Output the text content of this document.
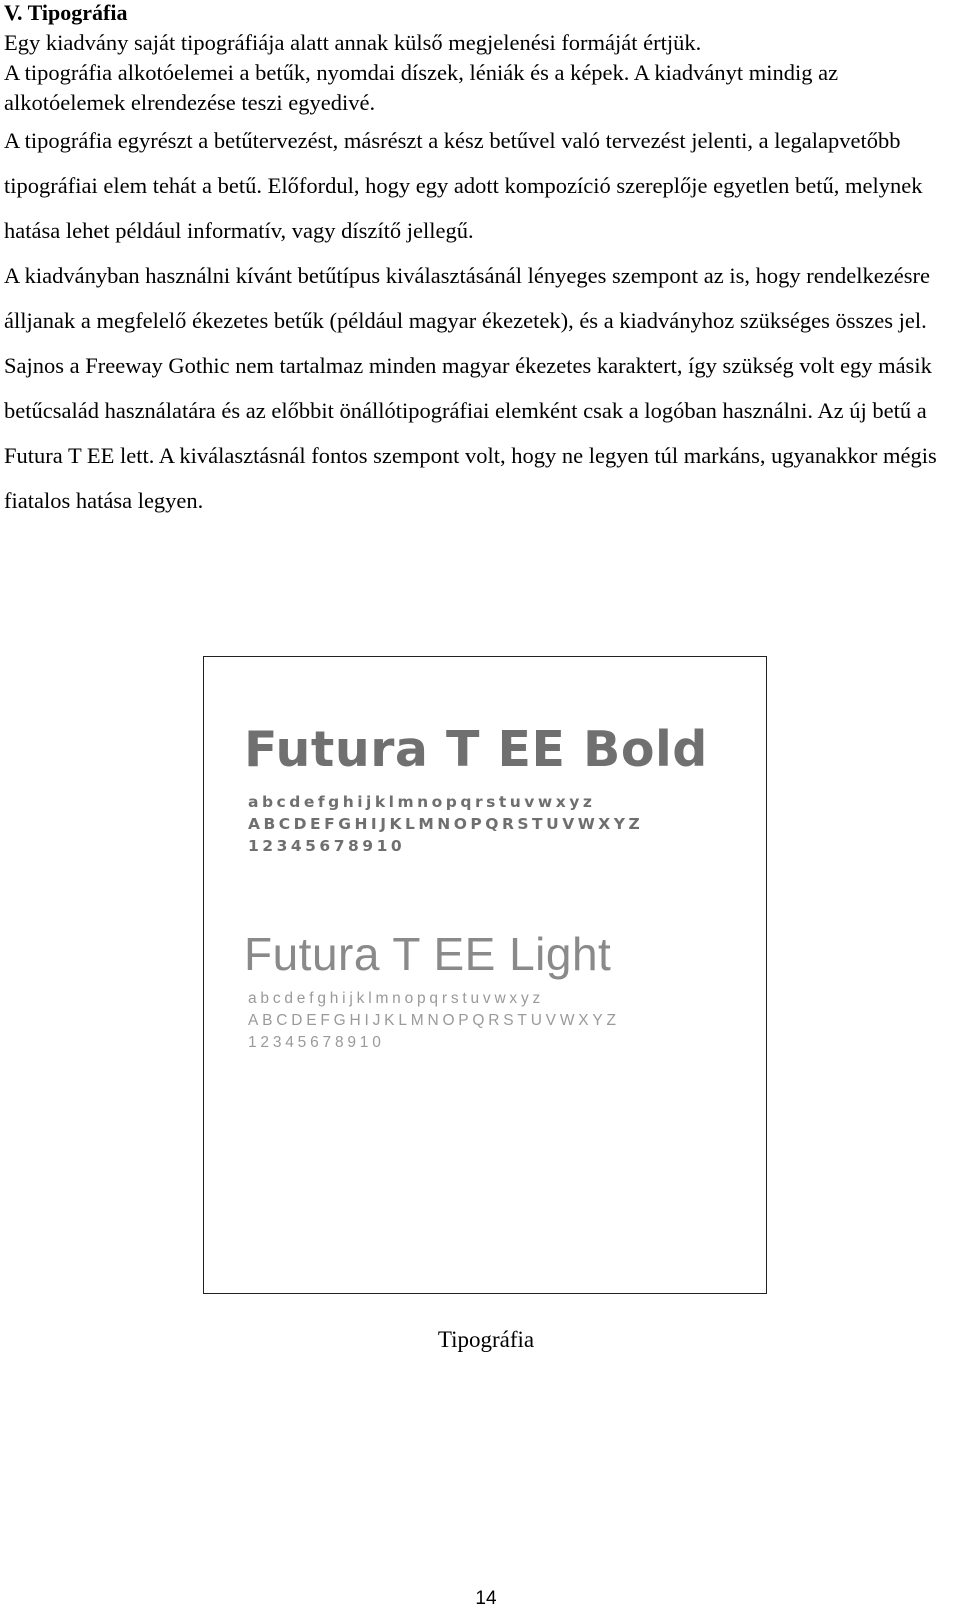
V. Tipográfia

Egy kiadvány saját tipográfiája alatt annak külső megjelenési formáját értjük.

A tipográfia alkotóelemei a betűk, nyomdai díszek, léniák és a képek. A kiadványt mindig az alkotóelemek elrendezése teszi egyedivé.

A tipográfia egyrészt a betűtervezést, másrészt a kész betűvel való tervezést jelenti, a legalapvetőbb tipográfiai elem tehát a betű. Előfordul, hogy egy adott kompozíció szereplője egyetlen betű, melynek hatása lehet például informatív, vagy díszítő jellegű.

A kiadványban használni kívánt betűtípus kiválasztásánál lényeges szempont az is, hogy rendelkezésre álljanak a megfelelő ékezetes betűk (például magyar ékezetek), és a kiadványhoz szükséges összes jel.

Sajnos a Freeway Gothic nem tartalmaz minden magyar ékezetes karaktert, így szükség volt egy másik betűcsalád használatára és az előbbit önállótipográfiai elemként csak a logóban használni. Az új betű a Futura T EE lett. A kiválasztásnál fontos szempont volt, hogy ne legyen túl markáns, ugyanakkor mégis fiatalos hatása legyen.

Futura T EE Bold
abcdefghijklmnopqrstuvwxyz
ABCDEFGHIJKLMNOPQRSTUVWXYZ
12345678910
Futura T EE Light
abcdefghijklmnopqrstuvwxyz
ABCDEFGHIJKLMNOPQRSTUVWXYZ
12345678910

Tipográfia

14
